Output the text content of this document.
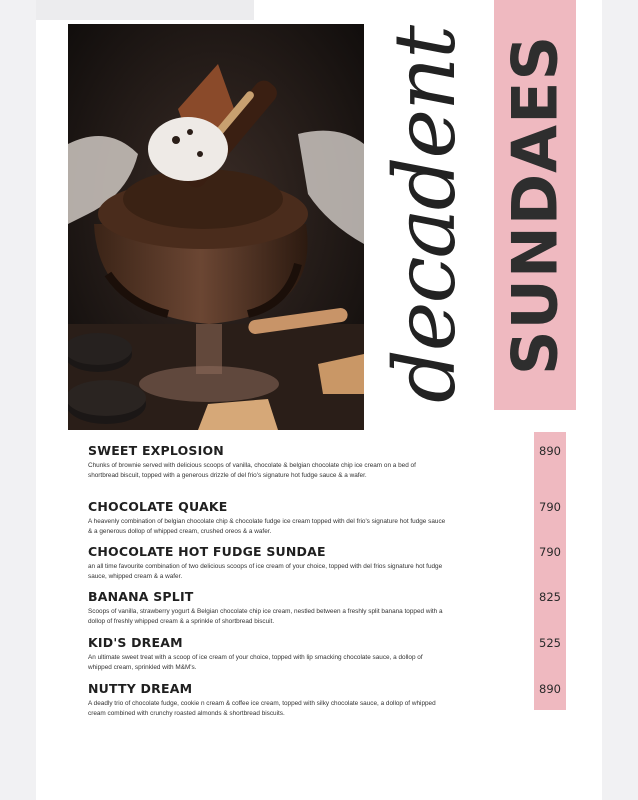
decadent SUNDAES
SWEET EXPLOSION
Chunks of brownie served with delicious scoops of vanilla, chocolate & belgian chocolate chip ice cream on a bed of shortbread biscuit, topped with a generous drizzle of del frio's signature hot fudge sauce & a wafer.
890
CHOCOLATE QUAKE
A heavenly combination of belgian chocolate chip & chocolate fudge ice cream topped with del frio's signature hot fudge sauce & a generous dollop of whipped cream, crushed oreos & a wafer.
790
CHOCOLATE HOT FUDGE SUNDAE
an all time favourite combination of two delicious scoops of ice cream of your choice, topped with del frios signature hot fudge sauce, whipped cream & a wafer.
790
BANANA SPLIT
Scoops of vanilla, strawberry yogurt & Belgian chocolate chip ice cream, nestled between a freshly split banana topped with a dollop of freshly whipped cream & a sprinkle of shortbread biscuit.
825
KID'S DREAM
An ultimate sweet treat with a scoop of ice cream of your choice, topped with lip smacking chocolate sauce, a dollop of whipped cream, sprinkled with M&M's.
525
NUTTY DREAM
A deadly trio of chocolate fudge, cookie n cream & coffee ice cream, topped with silky chocolate sauce, a dollop of whipped cream combined with crunchy roasted almonds & shortbread biscuits.
890
